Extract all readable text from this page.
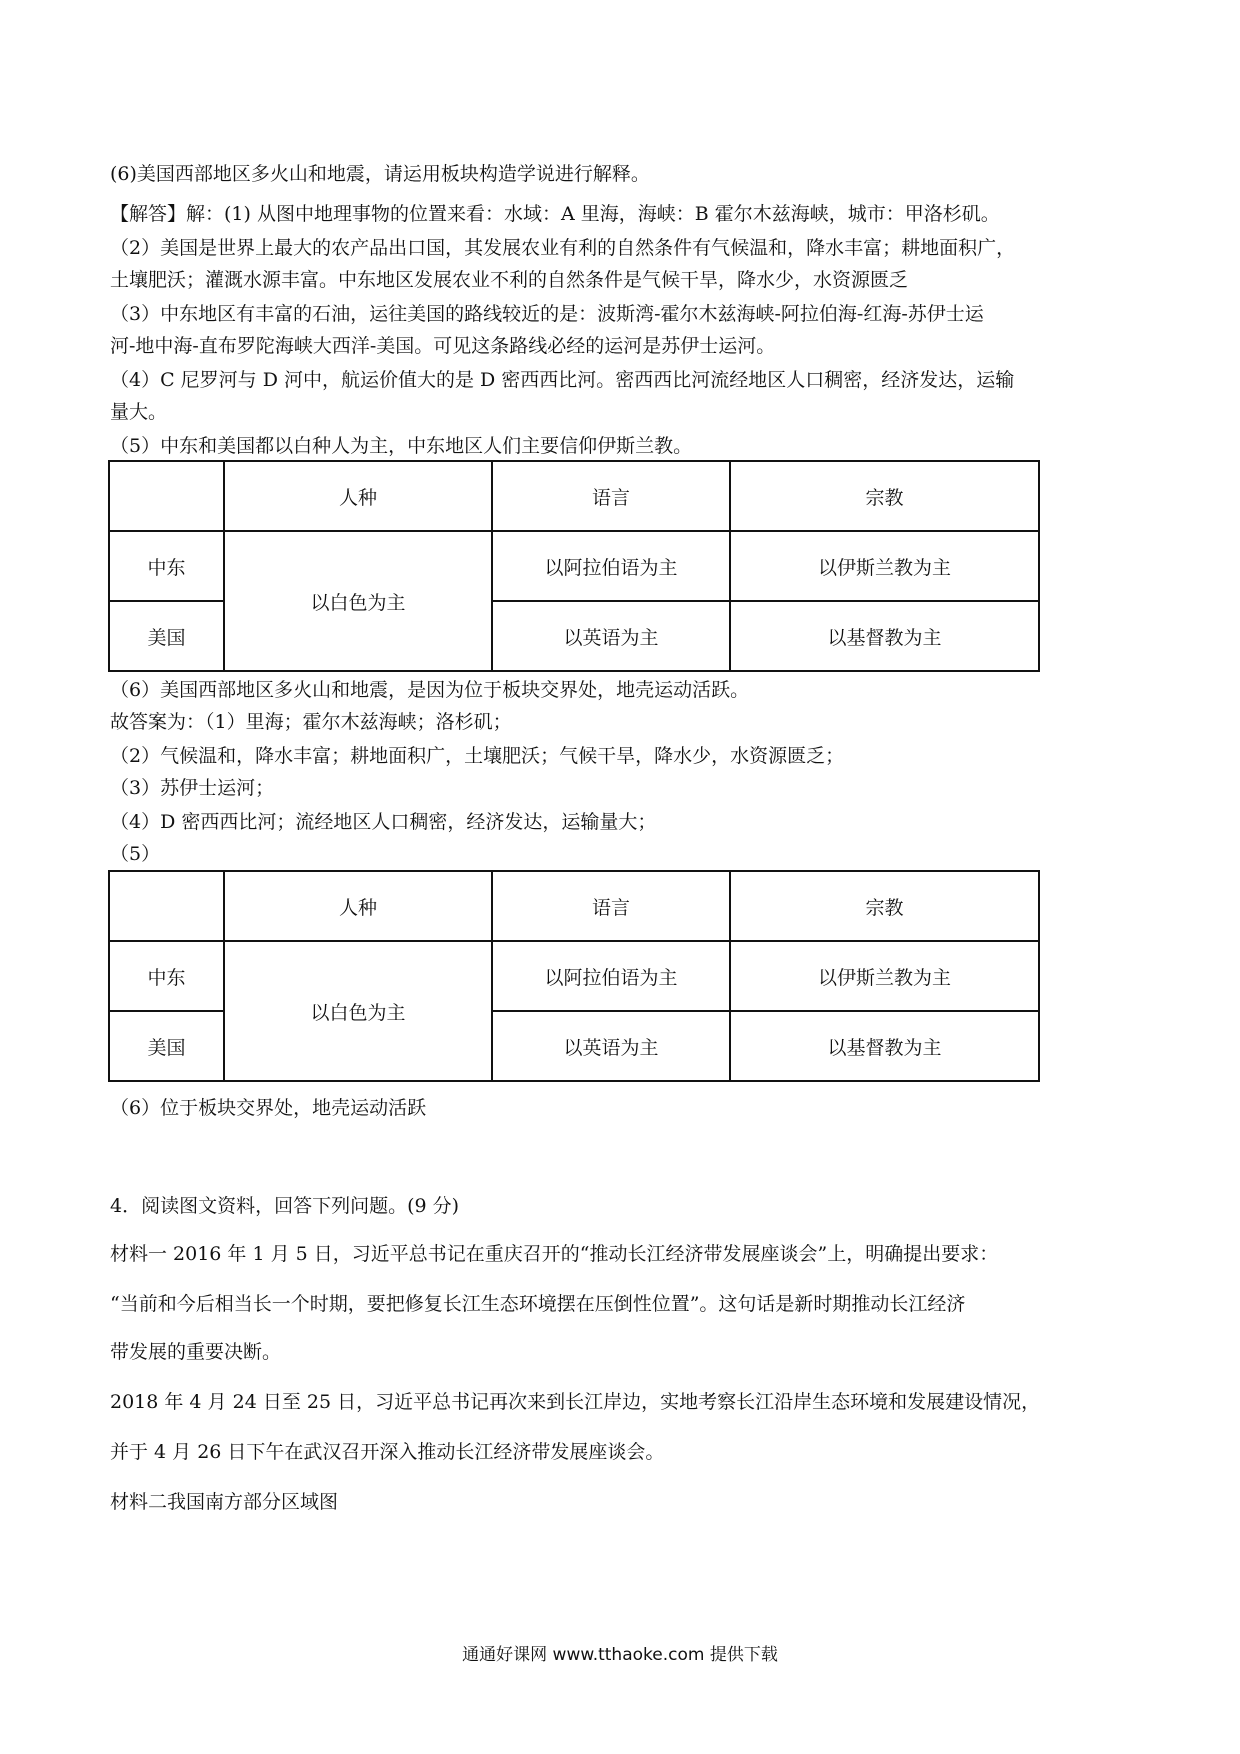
(6)美国西部地区多火山和地震，请运用板块构造学说进行解释。
【解答】解：(1) 从图中地理事物的位置来看：水域：A 里海，海峡：B 霍尔木兹海峡，城市：甲洛杉矶。
（2）美国是世界上最大的农产品出口国，其发展农业有利的自然条件有气候温和，降水丰富；耕地面积广，
土壤肥沃；灌溉水源丰富。中东地区发展农业不利的自然条件是气候干旱，降水少，水资源匮乏
（3）中东地区有丰富的石油，运往美国的路线较近的是：波斯湾-霍尔木兹海峡-阿拉伯海-红海-苏伊士运
河-地中海-直布罗陀海峡大西洋-美国。可见这条路线必经的运河是苏伊士运河。
（4）C 尼罗河与 D 河中，航运价值大的是 D 密西西比河。密西西比河流经地区人口稠密，经济发达，运输
量大。
（5）中东和美国都以白种人为主，中东地区人们主要信仰伊斯兰教。
	人种	语言	宗教
中东	以白色为主	以阿拉伯语为主	以伊斯兰教为主
美国		以英语为主	以基督教为主
（6）美国西部地区多火山和地震，是因为位于板块交界处，地壳运动活跃。
故答案为：（1）里海；霍尔木兹海峡；洛杉矶；
（2）气候温和，降水丰富；耕地面积广，土壤肥沃；气候干旱，降水少，水资源匮乏；
（3）苏伊士运河；
（4）D 密西西比河；流经地区人口稠密，经济发达，运输量大；
（5）
	人种	语言	宗教
中东	以白色为主	以阿拉伯语为主	以伊斯兰教为主
美国		以英语为主	以基督教为主
（6）位于板块交界处，地壳运动活跃
4．阅读图文资料，回答下列问题。(9 分)
材料一 2016 年 1 月 5 日，习近平总书记在重庆召开的“推动长江经济带发展座谈会”上，明确提出要求：
“当前和今后相当长一个时期，要把修复长江生态环境摆在压倒性位置”。这句话是新时期推动长江经济
带发展的重要决断。
2018 年 4 月 24 日至 25 日，习近平总书记再次来到长江岸边，实地考察长江沿岸生态环境和发展建设情况，
并于 4 月 26 日下午在武汉召开深入推动长江经济带发展座谈会。
材料二我国南方部分区域图
通通好课网 www.tthaoke.com 提供下载
